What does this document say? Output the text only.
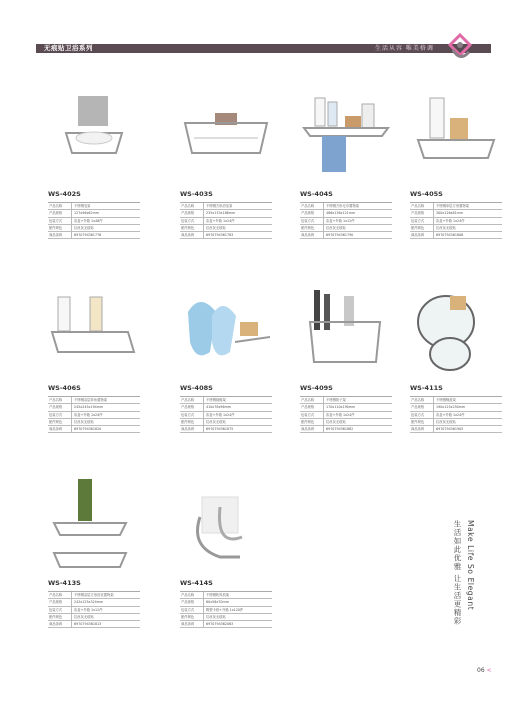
无痕贴卫浴系列	生活从容 唯美格调
WS-402S
产品名称	不锈钢皂架
产品规格	127x96x62mm
包装方式	彩盒+外箱 1x48件
配件颜色	拉丝灰无痕贴
商品条码	6970794361776
WS-403S
产品名称	不锈钢方形浴室架
产品规格	235x133x186mm
包装方式	彩盒+外箱 1x24件
配件颜色	拉丝灰无痕贴
商品条码	6970794361783
WS-404S
产品名称	不锈钢方形毛巾置物架
产品规格	486x136x121mm
包装方式	彩盒+外箱 1x12件
配件颜色	拉丝灰无痕贴
商品条码	6970794361790
WS-405S
产品名称	不锈钢单层方形置物架
产品规格	300x126x81mm
包装方式	彩盒+外箱 1x24件
配件颜色	拉丝灰无痕贴
商品条码	6970794361806
WS-406S
产品名称	不锈钢双层转角置物架
产品规格	245x245x194mm
包装方式	彩盒+外箱 1x24件
配件颜色	拉丝灰无痕贴
商品条码	6970794361820
WS-408S
产品名称	不锈钢拖鞋架
产品规格	410x78x96mm
包装方式	彩盒+外箱 1x24件
配件颜色	拉丝灰无痕贴
商品条码	6970794361875
WS-409S
产品名称	不锈钢筷子架
产品规格	170x110x190mm
包装方式	彩盒+外箱 1x24件
配件颜色	拉丝灰无痕贴
商品条码	6970794361882
WS-411S
产品名称	不锈钢锅盖架
产品规格	190x125x250mm
包装方式	彩盒+外箱 1x24件
配件颜色	拉丝灰无痕贴
商品条码	6970794361905
WS-413S
产品名称	不锈钢双层方形浴室置物架
产品规格	242x125x324mm
包装方式	彩盒+外箱 1x12件
配件颜色	拉丝灰无痕贴
商品条码	6970794361813
WS-414S
产品名称	不锈钢吹风机架
产品规格	60x56x70mm
包装方式	吸塑卡纸+外箱 1x120件
配件颜色	拉丝灰无痕贴
商品条码	6970794362063
Make Life So Elegant
生活如此优雅 让生活更精彩
06 <
